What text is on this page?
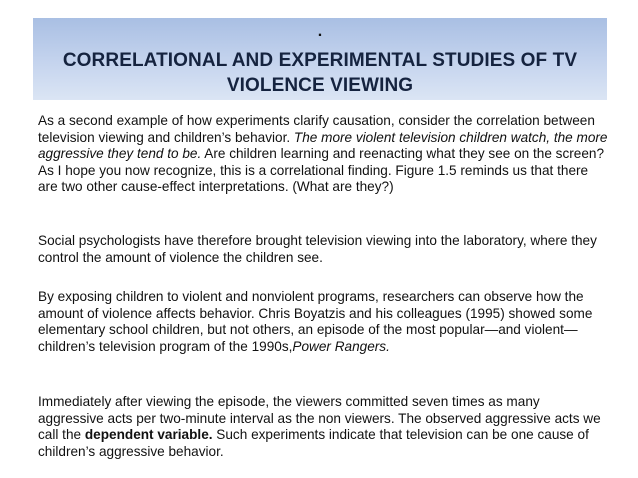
.
CORRELATIONAL AND EXPERIMENTAL STUDIES OF TV VIOLENCE VIEWING

As a second example of how experiments clarify causation, consider the correlation between television viewing and children’s behavior. The more violent television children watch, the more aggressive they tend to be. Are children learning and reenacting what they see on the screen? As I hope you now recognize, this is a correlational finding. Figure 1.5 reminds us that there are two other cause-effect interpretations. (What are they?)

Social psychologists have therefore brought television viewing into the laboratory, where they control the amount of violence the children see.

By exposing children to violent and nonviolent programs, researchers can observe how the amount of violence affects behavior. Chris Boyatzis and his colleagues (1995) showed some elementary school children, but not others, an episode of the most popular—and violent—children’s television program of the 1990s,Power Rangers.

Immediately after viewing the episode, the viewers committed seven times as many aggressive acts per two-minute interval as the non viewers. The observed aggressive acts we call the dependent variable. Such experiments indicate that television can be one cause of children’s aggressive behavior.
